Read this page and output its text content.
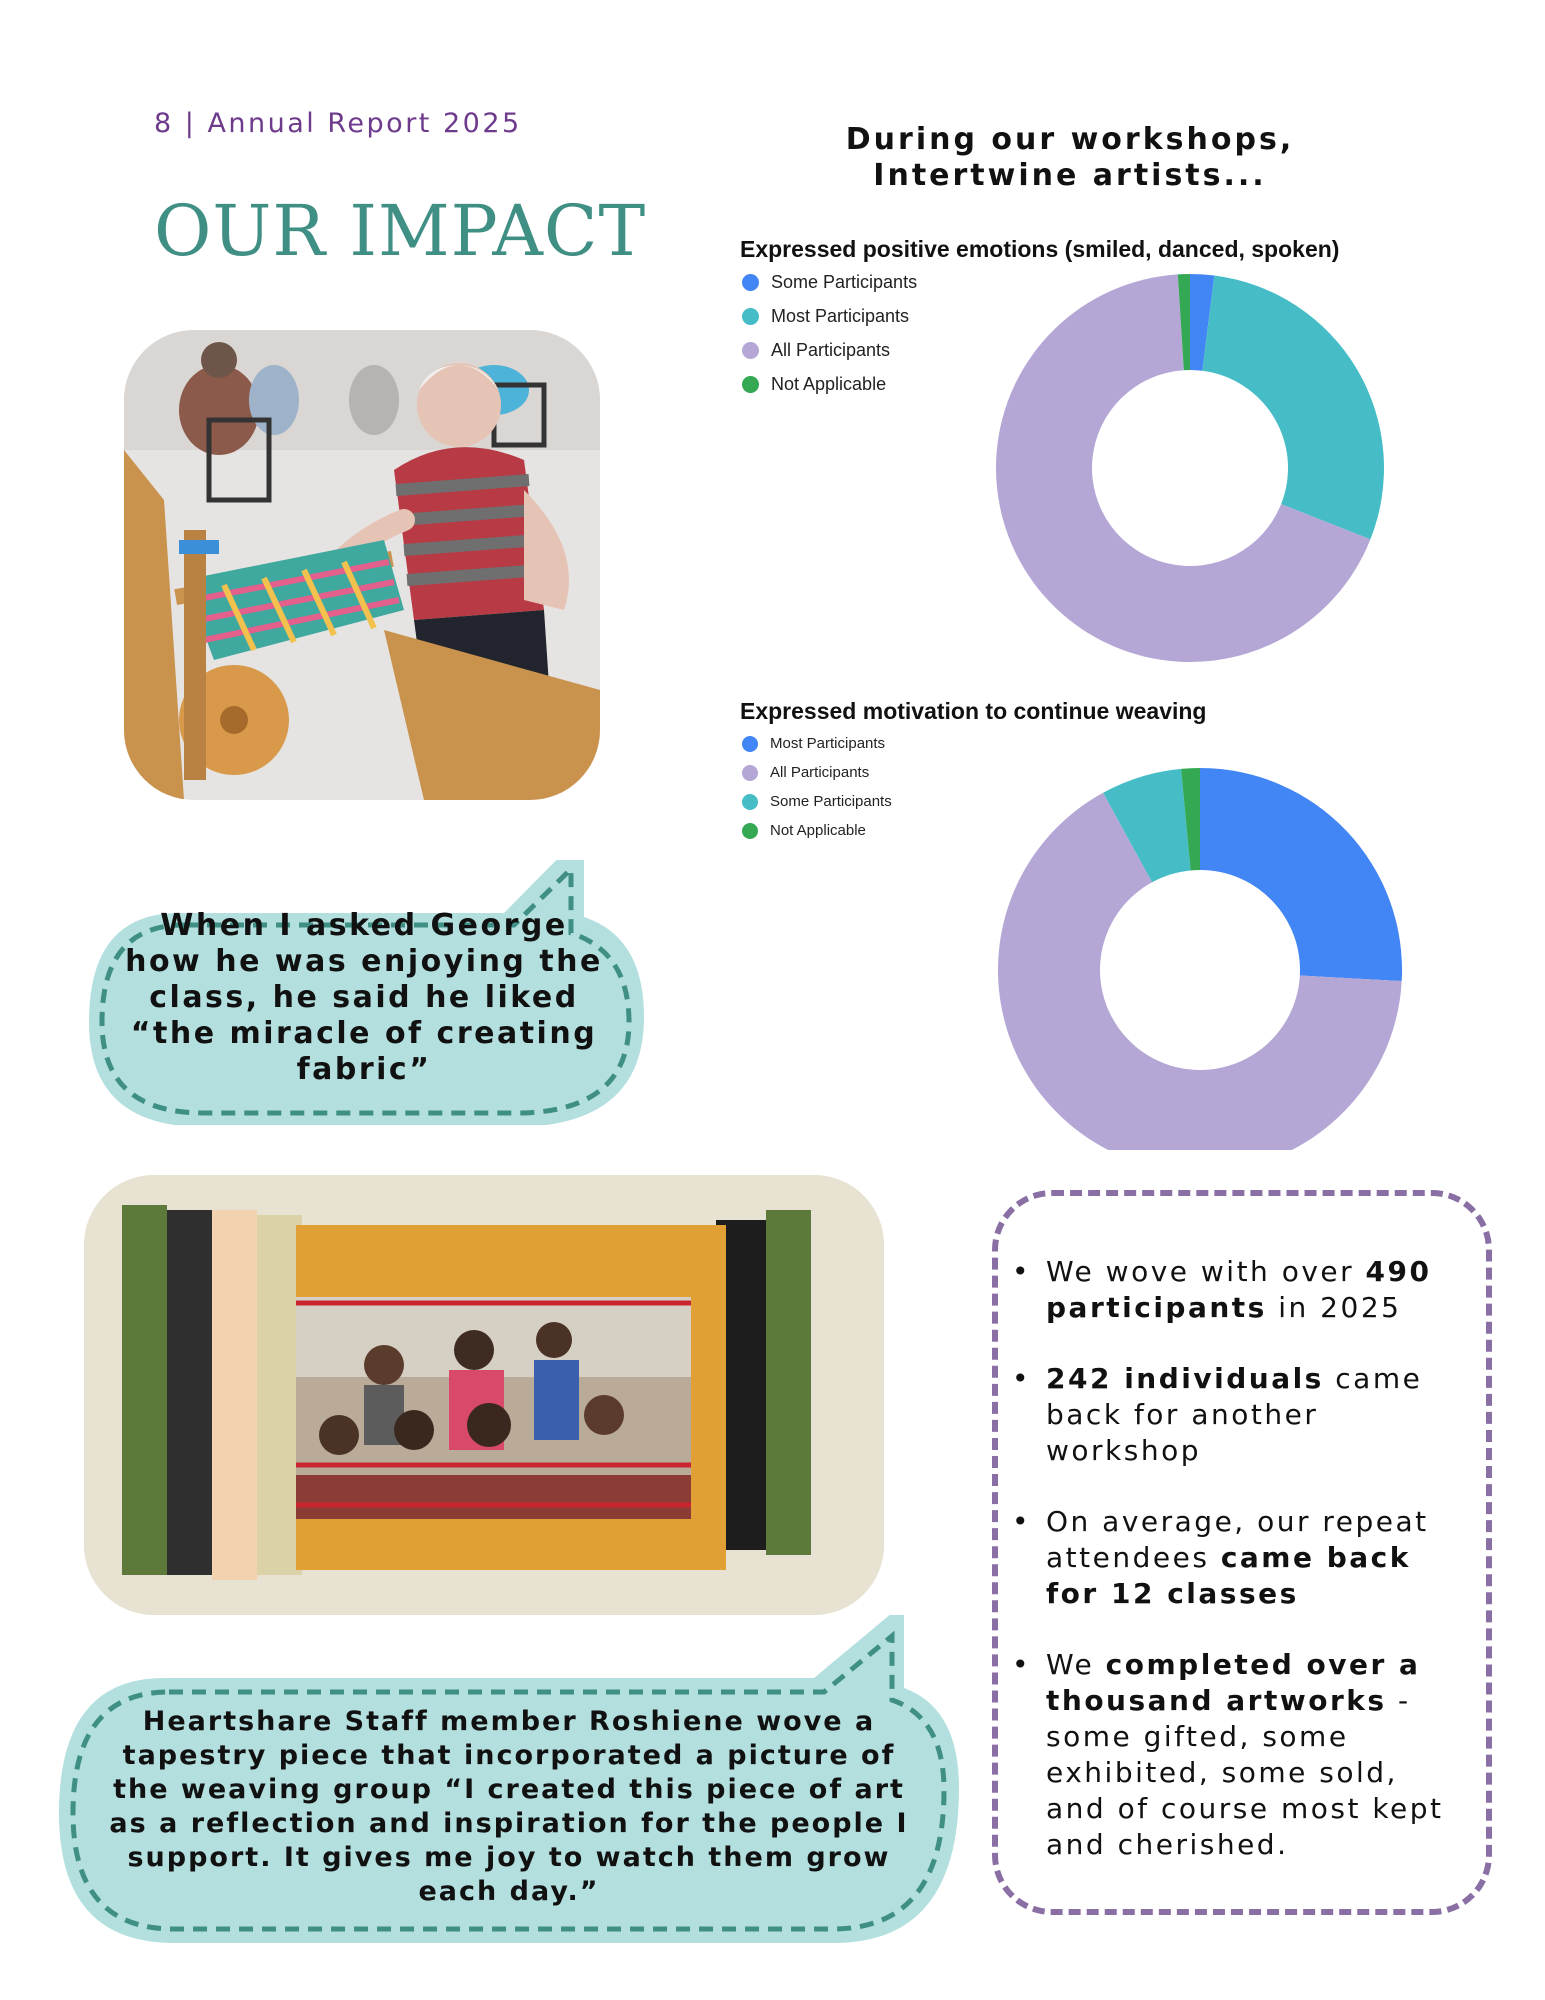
8 | Annual Report 2025
OUR IMPACT
When I asked George how he was enjoying the class, he said he liked “the miracle of creating fabric”
Heartshare Staff member Roshiene wove a tapestry piece that incorporated a picture of the weaving group “I created this piece of art as a reflection and inspiration for the people I support. It gives me joy to watch them grow each day.”
During our workshops, Intertwine artists...
Expressed positive emotions (smiled, danced, spoken)
Some Participants
Most Participants
All Participants
Not Applicable
Expressed motivation to continue weaving
Most Participants
All Participants
Some Participants
Not Applicable
• We wove with over 490 participants in 2025
• 242 individuals came back for another workshop
• On average, our repeat attendees came back for 12 classes
• We completed over a thousand artworks - some gifted, some exhibited, some sold, and of course most kept and cherished.
